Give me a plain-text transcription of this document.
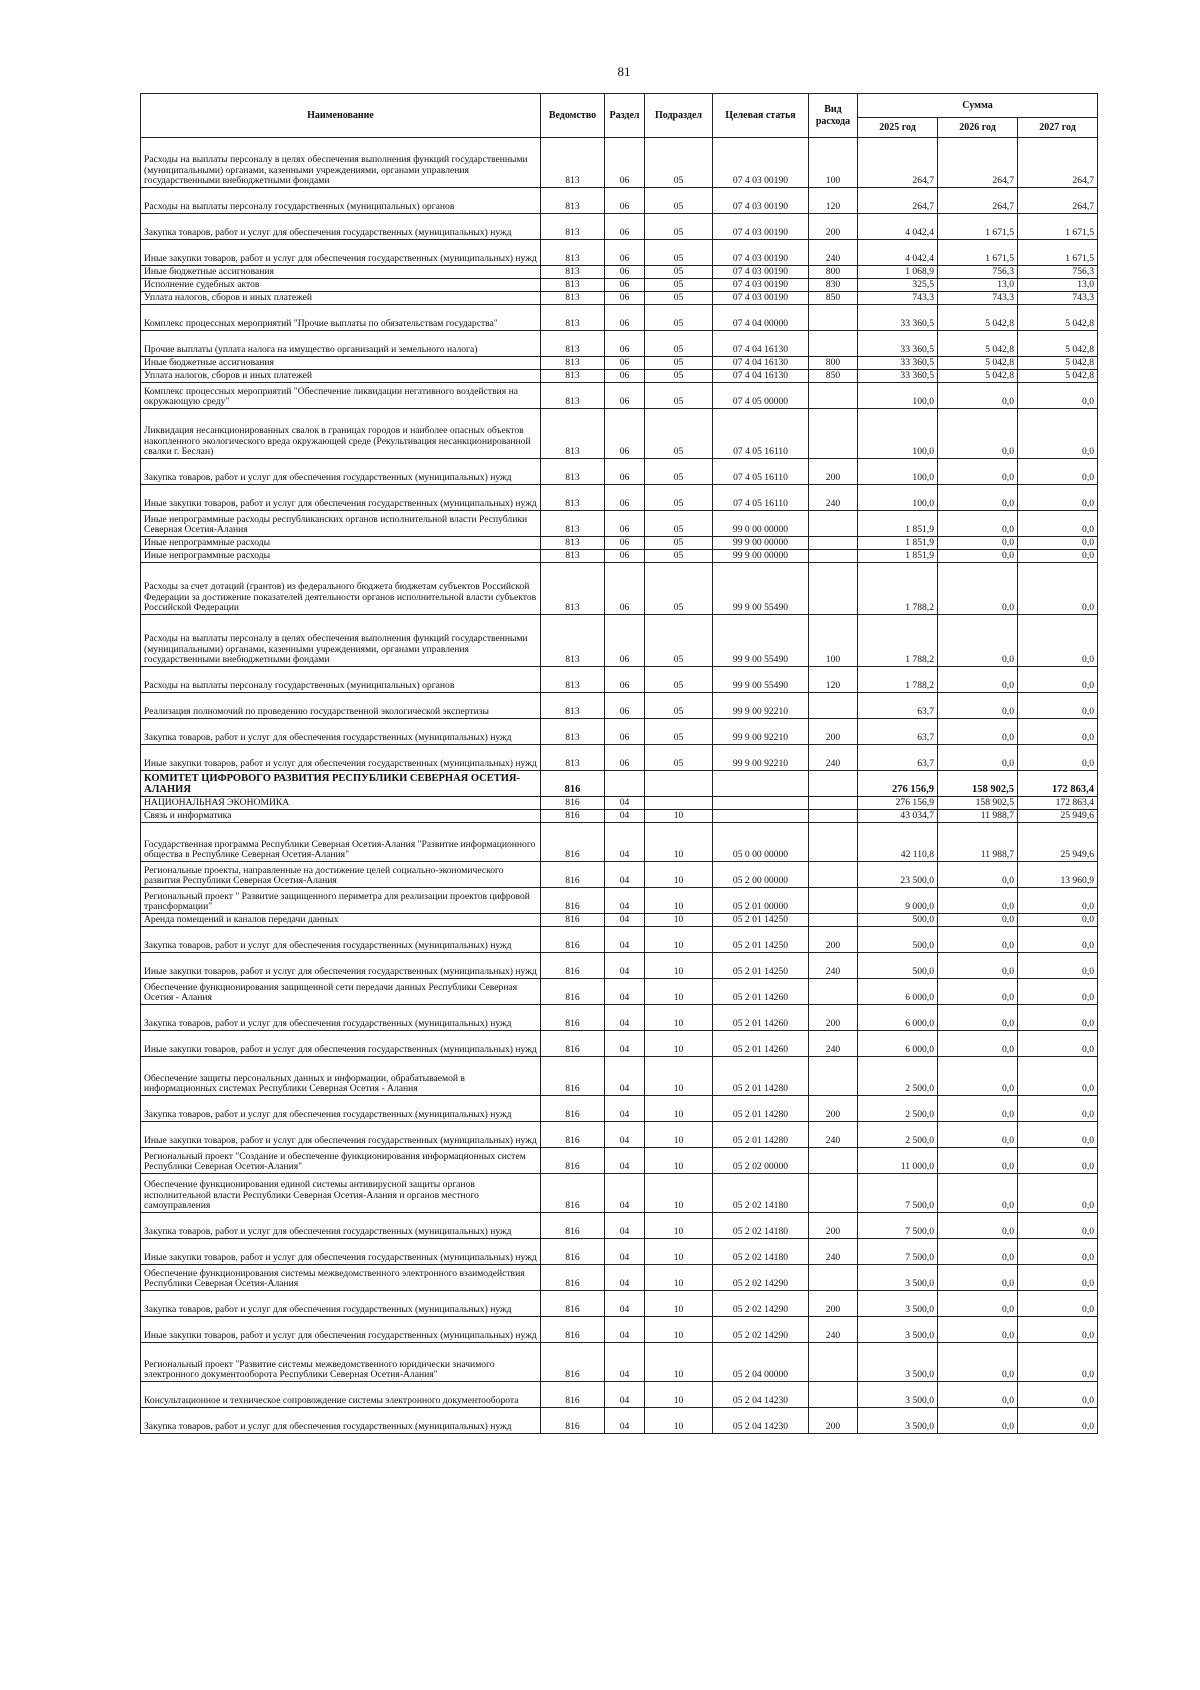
81
Наименование	Ведомство	Раздел	Подраздел	Целевая статья	Вид расхода	Сумма		
						2025 год	2026 год	2027 год
Расходы на выплаты персоналу в целях обеспечения выполнения функций государственными (муниципальными) органами, казенными учреждениями, органами управления государственными внебюджетными фондами	813	06	05	07 4 03 00190	100	264,7	264,7	264,7
Расходы на выплаты персоналу государственных (муниципальных) органов	813	06	05	07 4 03 00190	120	264,7	264,7	264,7
Закупка товаров, работ и услуг для обеспечения государственных (муниципальных) нужд	813	06	05	07 4 03 00190	200	4 042,4	1 671,5	1 671,5
Иные закупки товаров, работ и услуг для обеспечения государственных (муниципальных) нужд	813	06	05	07 4 03 00190	240	4 042,4	1 671,5	1 671,5
Иные бюджетные ассигнования	813	06	05	07 4 03 00190	800	1 068,9	756,3	756,3
Исполнение судебных актов	813	06	05	07 4 03 00190	830	325,5	13,0	13,0
Уплата налогов, сборов и иных платежей	813	06	05	07 4 03 00190	850	743,3	743,3	743,3
Комплекс процессных мероприятий "Прочие выплаты по обязательствам государства"	813	06	05	07 4 04 00000		33 360,5	5 042,8	5 042,8
Прочие выплаты (уплата налога на имущество организаций и земельного налога)	813	06	05	07 4 04 16130		33 360,5	5 042,8	5 042,8
Иные бюджетные ассигнования	813	06	05	07 4 04 16130	800	33 360,5	5 042,8	5 042,8
Уплата налогов, сборов и иных платежей	813	06	05	07 4 04 16130	850	33 360,5	5 042,8	5 042,8
Комплекс процессных мероприятий "Обеспечение ликвидации негативного воздействия на окружающую среду"	813	06	05	07 4 05 00000		100,0	0,0	0,0
Ликвидация несанкционированных свалок в границах городов и наиболее опасных объектов накопленного экологического вреда окружающей среде (Рекультивация несанкционированной свалки г. Беслан)	813	06	05	07 4 05 16110		100,0	0,0	0,0
Закупка товаров, работ и услуг для обеспечения государственных (муниципальных) нужд	813	06	05	07 4 05 16110	200	100,0	0,0	0,0
Иные закупки товаров, работ и услуг для обеспечения государственных (муниципальных) нужд	813	06	05	07 4 05 16110	240	100,0	0,0	0,0
Иные непрограммные расходы республиканских органов исполнительной власти Республики Северная Осетия-Алания	813	06	05	99 0 00 00000		1 851,9	0,0	0,0
Иные непрограммные расходы	813	06	05	99 9 00 00000		1 851,9	0,0	0,0
Иные непрограммные расходы	813	06	05	99 9 00 00000		1 851,9	0,0	0,0
Расходы за счет дотаций (грантов) из федерального бюджета бюджетам субъектов Российской Федерации за достижение показателей деятельности органов исполнительной власти субъектов Российской Федерации	813	06	05	99 9 00 55490		1 788,2	0,0	0,0
Расходы на выплаты персоналу в целях обеспечения выполнения функций государственными (муниципальными) органами, казенными учреждениями, органами управления государственными внебюджетными фондами	813	06	05	99 9 00 55490	100	1 788,2	0,0	0,0
Расходы на выплаты персоналу государственных (муниципальных) органов	813	06	05	99 9 00 55490	120	1 788,2	0,0	0,0
Реализация полномочий по проведению государственной экологической экспертизы	813	06	05	99 9 00 92210		63,7	0,0	0,0
Закупка товаров, работ и услуг для обеспечения государственных (муниципальных) нужд	813	06	05	99 9 00 92210	200	63,7	0,0	0,0
Иные закупки товаров, работ и услуг для обеспечения государственных (муниципальных) нужд	813	06	05	99 9 00 92210	240	63,7	0,0	0,0
КОМИТЕТ ЦИФРОВОГО РАЗВИТИЯ РЕСПУБЛИКИ СЕВЕРНАЯ ОСЕТИЯ-АЛАНИЯ	816					276 156,9	158 902,5	172 863,4
НАЦИОНАЛЬНАЯ ЭКОНОМИКА	816	04				276 156,9	158 902,5	172 863,4
Связь и информатика	816	04	10			43 034,7	11 988,7	25 949,6
Государственная программа Республики Северная Осетия-Алания "Развитие информационного общества в Республике Северная Осетия-Алания"	816	04	10	05 0 00 00000		42 110,8	11 988,7	25 949,6
Региональные проекты, направленные на достижение целей социально-экономического развития Республики Северная Осетия-Алания	816	04	10	05 2 00 00000		23 500,0	0,0	13 960,9
Региональный проект " Развитие защищенного периметра для реализации проектов цифровой трансформации"	816	04	10	05 2 01 00000		9 000,0	0,0	0,0
Аренда помещений и каналов передачи данных	816	04	10	05 2 01 14250		500,0	0,0	0,0
Закупка товаров, работ и услуг для обеспечения государственных (муниципальных) нужд	816	04	10	05 2 01 14250	200	500,0	0,0	0,0
Иные закупки товаров, работ и услуг для обеспечения государственных (муниципальных) нужд	816	04	10	05 2 01 14250	240	500,0	0,0	0,0
Обеспечение функционирования защищенной сети передачи данных Республики Северная Осетия - Алания	816	04	10	05 2 01 14260		6 000,0	0,0	0,0
Закупка товаров, работ и услуг для обеспечения государственных (муниципальных) нужд	816	04	10	05 2 01 14260	200	6 000,0	0,0	0,0
Иные закупки товаров, работ и услуг для обеспечения государственных (муниципальных) нужд	816	04	10	05 2 01 14260	240	6 000,0	0,0	0,0
Обеспечение защиты персональных данных и информации, обрабатываемой в информационных системах Республики Северная Осетия - Алания	816	04	10	05 2 01 14280		2 500,0	0,0	0,0
Закупка товаров, работ и услуг для обеспечения государственных (муниципальных) нужд	816	04	10	05 2 01 14280	200	2 500,0	0,0	0,0
Иные закупки товаров, работ и услуг для обеспечения государственных (муниципальных) нужд	816	04	10	05 2 01 14280	240	2 500,0	0,0	0,0
Региональный проект "Создание и обеспечение функционирования информационных систем Республики Северная Осетия-Алания"	816	04	10	05 2 02 00000		11 000,0	0,0	0,0
Обеспечение функционирования единой системы антивирусной защиты органов исполнительной власти Республики Северная Осетия-Алания и органов местного самоуправления	816	04	10	05 2 02 14180		7 500,0	0,0	0,0
Закупка товаров, работ и услуг для обеспечения государственных (муниципальных) нужд	816	04	10	05 2 02 14180	200	7 500,0	0,0	0,0
Иные закупки товаров, работ и услуг для обеспечения государственных (муниципальных) нужд	816	04	10	05 2 02 14180	240	7 500,0	0,0	0,0
Обеспечение функционирования системы межведомственного электронного взаимодействия Республики Северная Осетия-Алания	816	04	10	05 2 02 14290		3 500,0	0,0	0,0
Закупка товаров, работ и услуг для обеспечения государственных (муниципальных) нужд	816	04	10	05 2 02 14290	200	3 500,0	0,0	0,0
Иные закупки товаров, работ и услуг для обеспечения государственных (муниципальных) нужд	816	04	10	05 2 02 14290	240	3 500,0	0,0	0,0
Региональный проект "Развитие системы межведомственного юридически значимого электронного документооборота Республики Северная Осетия-Алания"	816	04	10	05 2 04 00000		3 500,0	0,0	0,0
Консультационное и техническое сопровождение системы электронного документооборота	816	04	10	05 2 04 14230		3 500,0	0,0	0,0
Закупка товаров, работ и услуг для обеспечения государственных (муниципальных) нужд	816	04	10	05 2 04 14230	200	3 500,0	0,0	0,0
